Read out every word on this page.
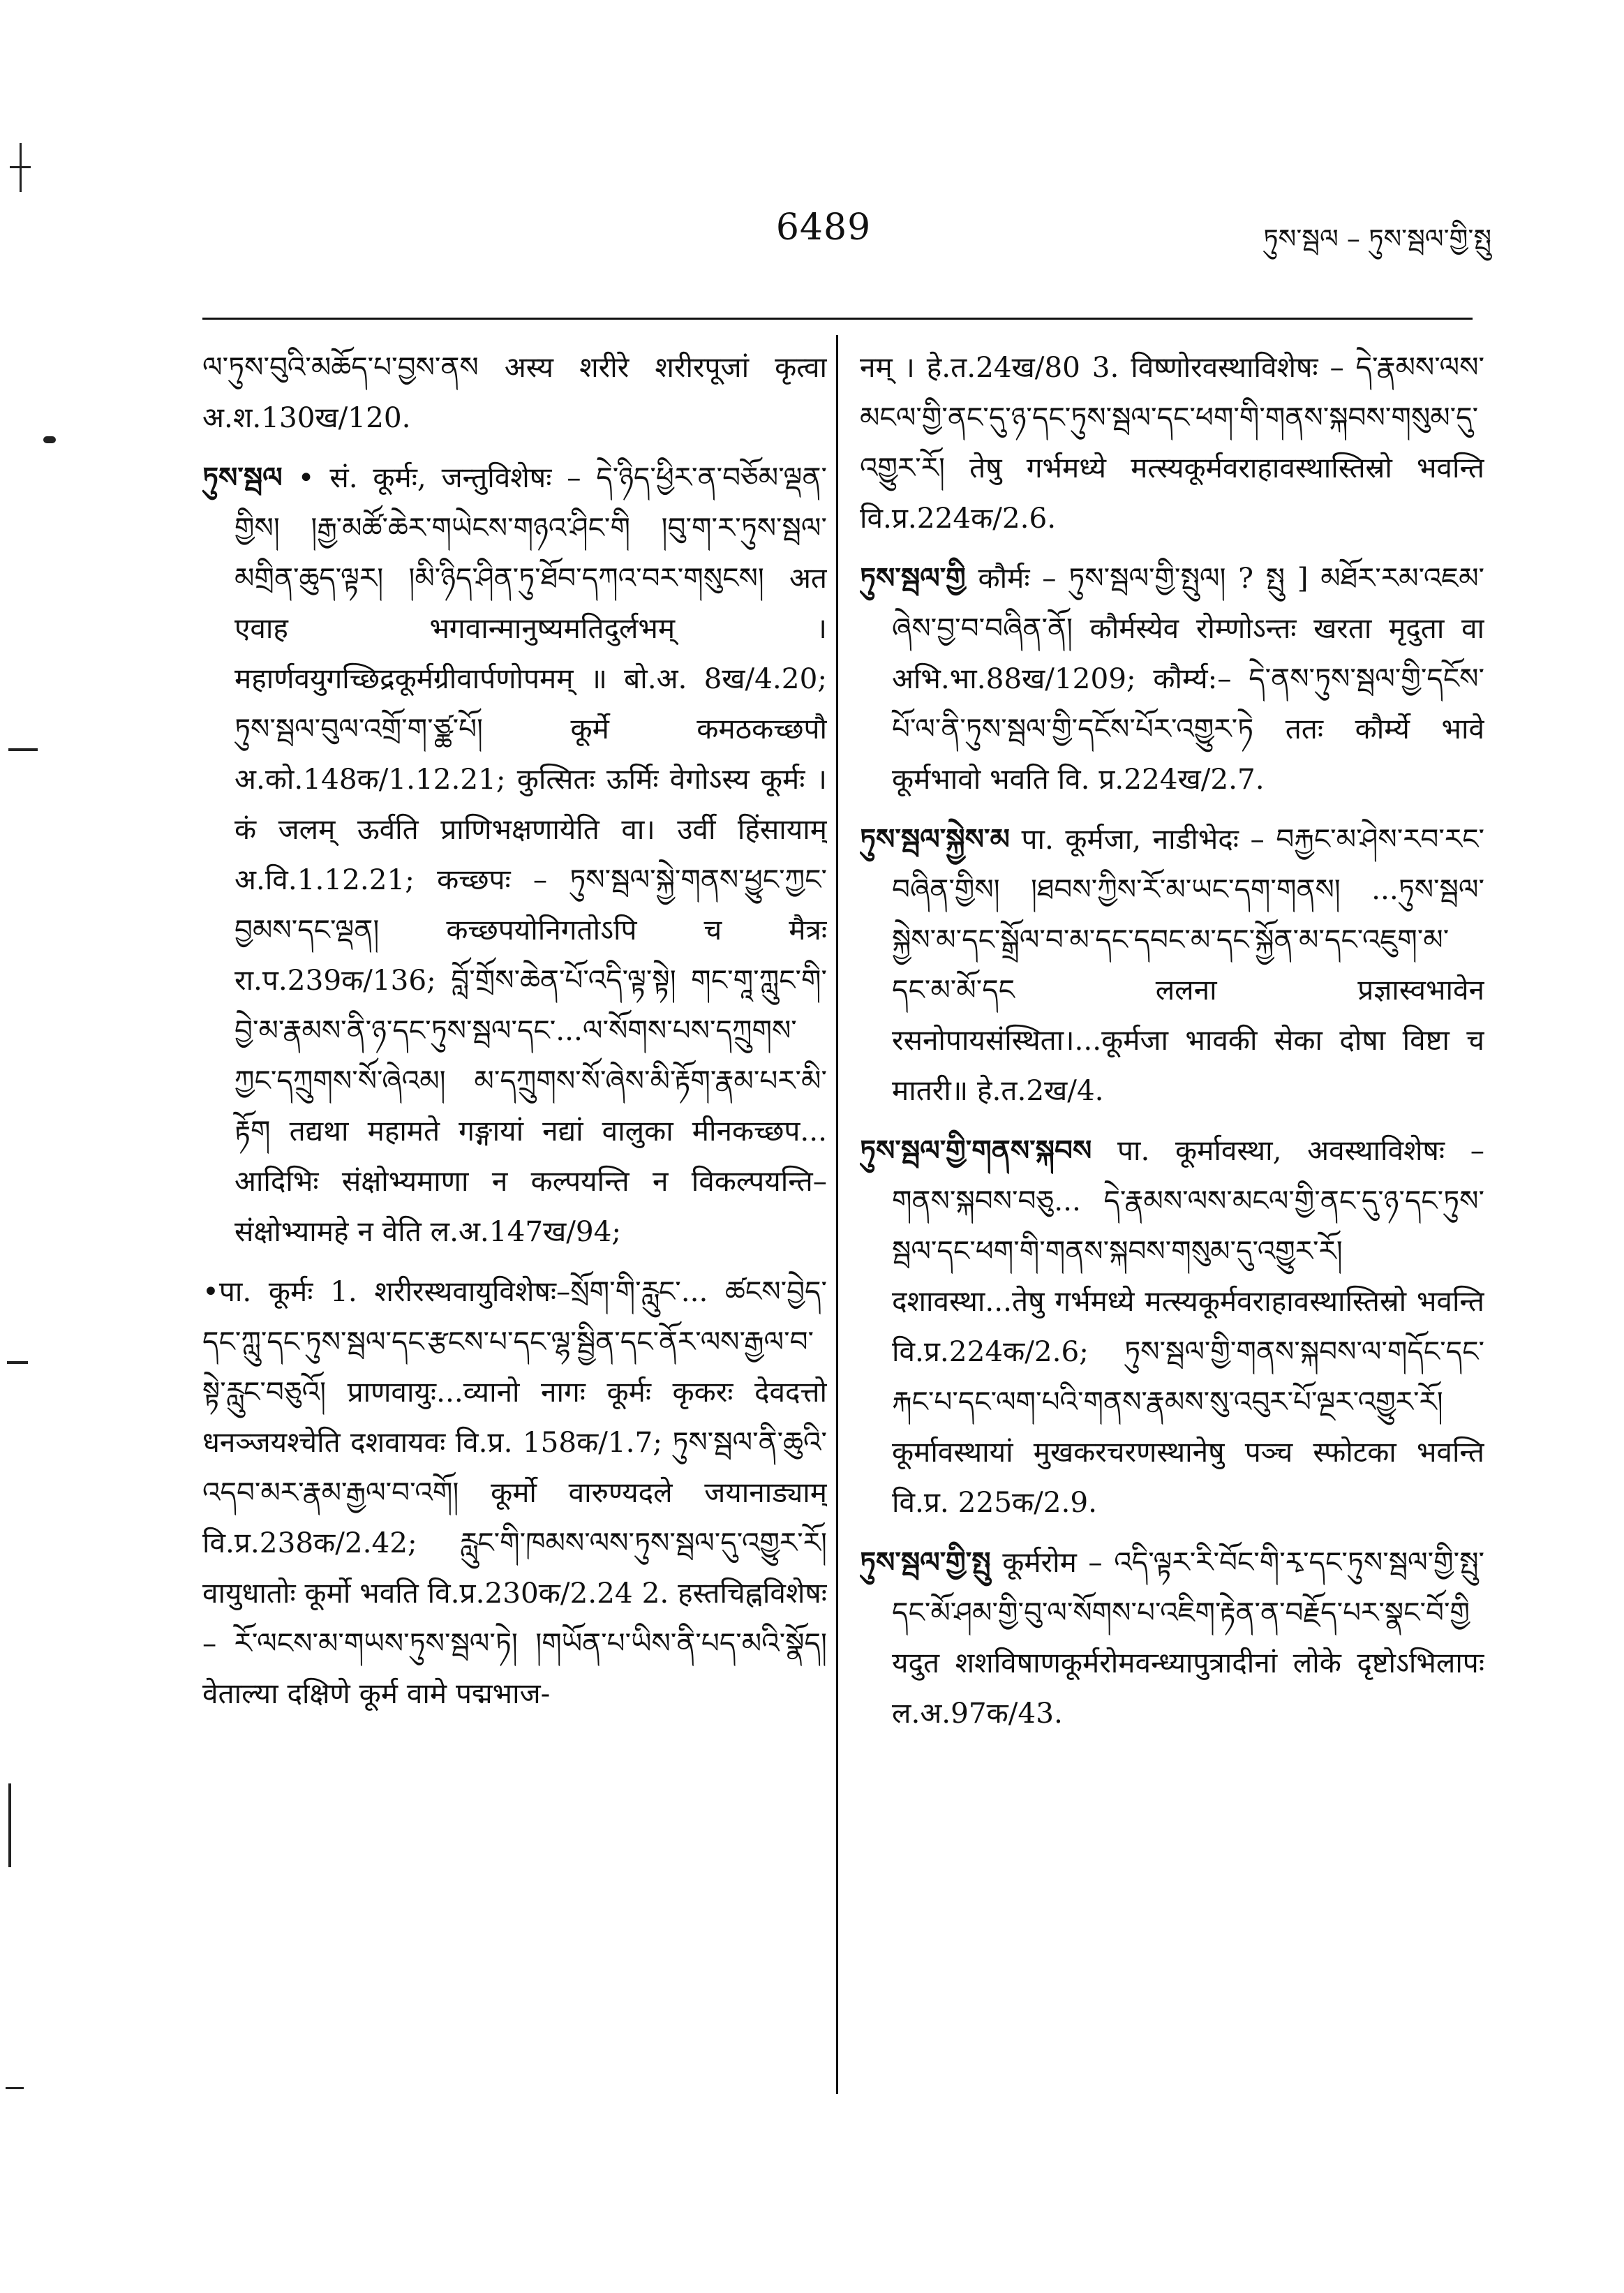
6489	ཏུས་སྦལ – ཏུས་སྦལ་གྱི་སྤུ

ལ་ཏུས་བུའི་མཆོད་པ་བྱས་ནས अस्य शरीरे शरीरपूजां कृत्वा अ.श.130ख/120.

ཏུས་སྦལ • सं. कूर्मः, जन्तुविशेषः – དེ་ཉིད་ཕྱིར་ན་བཅོམ་ལྡན་གྱིས། །རྒྱ་མཚོ་ཆེར་གཡེངས་གཉའ་ཤིང་གི །བུ་ག་ར་ཏུས་སྦལ་མགྲིན་ཆུད་ལྟར། །མི་ཉིད་ཤིན་ཏུ་ཐོབ་དཀའ་བར་གསུངས། अत एवाह भगवान्मानुष्यमतिदुर्लभम् । महार्णवयुगच्छिद्रकूर्मग्रीवार्पणोपमम् ॥ बो.अ. 8ख/4.20; ཏུས་སྦལ་བུལ་འགྲོ་ག་ཙྪ་པོ། कूर्मे कमठकच्छपौ अ.को.148क/1.12.21; कुत्सितः ऊर्मिः वेगोऽस्य कूर्मः । कं जलम् ऊर्वति प्राणिभक्षणायेति वा। उर्वी हिंसायाम् अ.वि.1.12.21; कच्छपः – ཏུས་སྦལ་སྐྱེ་གནས་ཕྱུང་ཀྱང་བྱམས་དང་ལྡན། कच्छपयोनिगतोऽपि च मैत्रः रा.प.239क/136; བློ་གྲོས་ཆེན་པོ་འདི་ལྟ་སྟེ། གང་གཱ་ཀླུང་གི་བྱེ་མ་རྣམས་ནི་ཉ་དང་ཏུས་སྦལ་དང་...ལ་སོགས་པས་དཀྲུགས་ཀྱང་དཀྲུགས་སོ་ཞེའམ། མ་དཀྲུགས་སོ་ཞེས་མི་རྟོག་རྣམ་པར་མི་རྟོག तद्यथा महामते गङ्गायां नद्यां वालुका मीनकच्छप... आदिभिः संक्षोभ्यमाणा न कल्पयन्ति न विकल्पयन्ति–संक्षोभ्यामहे न वेति ल.अ.147ख/94;

•पा. कूर्मः 1. शरीरस्थवायुविशेषः–སྲོག་གི་རླུང་... ཚངས་བྱེད་དང་ཀླུ་དང་ཏུས་སྦལ་དང་རྩངས་པ་དང་ལྷ་སྦྱིན་དང་ནོར་ལས་རྒྱལ་བ་སྟེ་རླུང་བཅུའོ། प्राणवायुः...व्यानो नागः कूर्मः कृकरः देवदत्तो धनञ्जयश्चेति दशवायवः वि.प्र. 158क/1.7; ཏུས་སྦལ་ནི་ཆུའི་འདབ་མར་རྣམ་རྒྱལ་བ་འགོ། कूर्मो वारुण्यदले जयानाड्याम् वि.प्र.238क/2.42; རླུང་གི་ཁམས་ལས་ཏུས་སྦལ་དུ་འགྱུར་རོ། वायुधातोः कूर्मो भवति वि.प्र.230क/2.24 2. हस्तचिह्नविशेषः – རོ་ལངས་མ་གཡས་ཏུས་སྦལ་ཏེ། །གཡོན་པ་ཡིས་ནི་པད་མའི་སྣོད། वेताल्या दक्षिणे कूर्म वामे पद्मभाज-

नम् । हे.त.24ख/80 3. विष्णोरवस्थाविशेषः – དེ་རྣམས་ལས་མངལ་གྱི་ནང་དུ་ཉ་དང་ཏུས་སྦལ་དང་ཕག་གི་གནས་སྐབས་གསུམ་དུ་འགྱུར་རོ། तेषु गर्भमध्ये मत्स्यकूर्मवराहावस्थास्तिस्रो भवन्ति वि.प्र.224क/2.6.

ཏུས་སྦལ་གྱི कौर्मः – ཏུས་སྦལ་གྱི་སྤུལ། ? སྤུ ] མཐོར་རམ་འཇམ་ཞེས་བྱ་བ་བཞིན་ནོ། कौर्मस्येव रोम्णोऽन्तः खरता मृदुता वा अभि.भा.88ख/1209; कौर्म्य:– དེ་ནས་ཏུས་སྦལ་གྱི་དངོས་པོ་ལ་ནི་ཏུས་སྦལ་གྱི་དངོས་པོར་འགྱུར་ཏེ ततः कौर्म्ये भावे कूर्मभावो भवति वि. प्र.224ख/2.7.

ཏུས་སྦལ་སྐྱེས་མ पा. कूर्मजा, नाडीभेदः – བརྐྱང་མ་ཤེས་རབ་རང་བཞིན་གྱིས། །ཐབས་ཀྱིས་རོ་མ་ཡང་དག་གནས། ...ཏུས་སྦལ་སྐྱེས་མ་དང་སྒྲོལ་བ་མ་དང་དབང་མ་དང་སྐྱོན་མ་དང་འཇུག་མ་དང་མ་མོ་དང ललना प्रज्ञास्वभावेन रसनोपायसंस्थिता।...कूर्मजा भावकी सेका दोषा विष्टा च मातरी॥ हे.त.2ख/4.

ཏུས་སྦལ་གྱི་གནས་སྐབས पा. कूर्मावस्था, अवस्थाविशेषः – གནས་སྐབས་བཅུ... དེ་རྣམས་ལས་མངལ་གྱི་ནང་དུ་ཉ་དང་ཏུས་སྦལ་དང་ཕག་གི་གནས་སྐབས་གསུམ་དུ་འགྱུར་རོ། दशावस्था...तेषु गर्भमध्ये मत्स्यकूर्मवराहावस्थास्तिस्रो भवन्ति वि.प्र.224क/2.6; ཏུས་སྦལ་གྱི་གནས་སྐབས་ལ་གདོང་དང་རྐང་པ་དང་ལག་པའི་གནས་རྣམས་སུ་འབུར་པོ་ལྔར་འགྱུར་རོ། कूर्मावस्थायां मुखकरचरणस्थानेषु पञ्च स्फोटका भवन्ति वि.प्र. 225क/2.9.

ཏུས་སྦལ་གྱི་སྤུ कूर्मरोम – འདི་ལྟར་རི་བོང་གི་རྭ་དང་ཏུས་སྦལ་གྱི་སྤུ་དང་མོ་ཤམ་གྱི་བུ་ལ་སོགས་པ་འཇིག་རྟེན་ན་བརྗོད་པར་སྣང་བོ་གྱི यदुत शशविषाणकूर्मरोमवन्ध्यापुत्रादीनां लोके दृष्टोऽभिलापः ल.अ.97क/43.
